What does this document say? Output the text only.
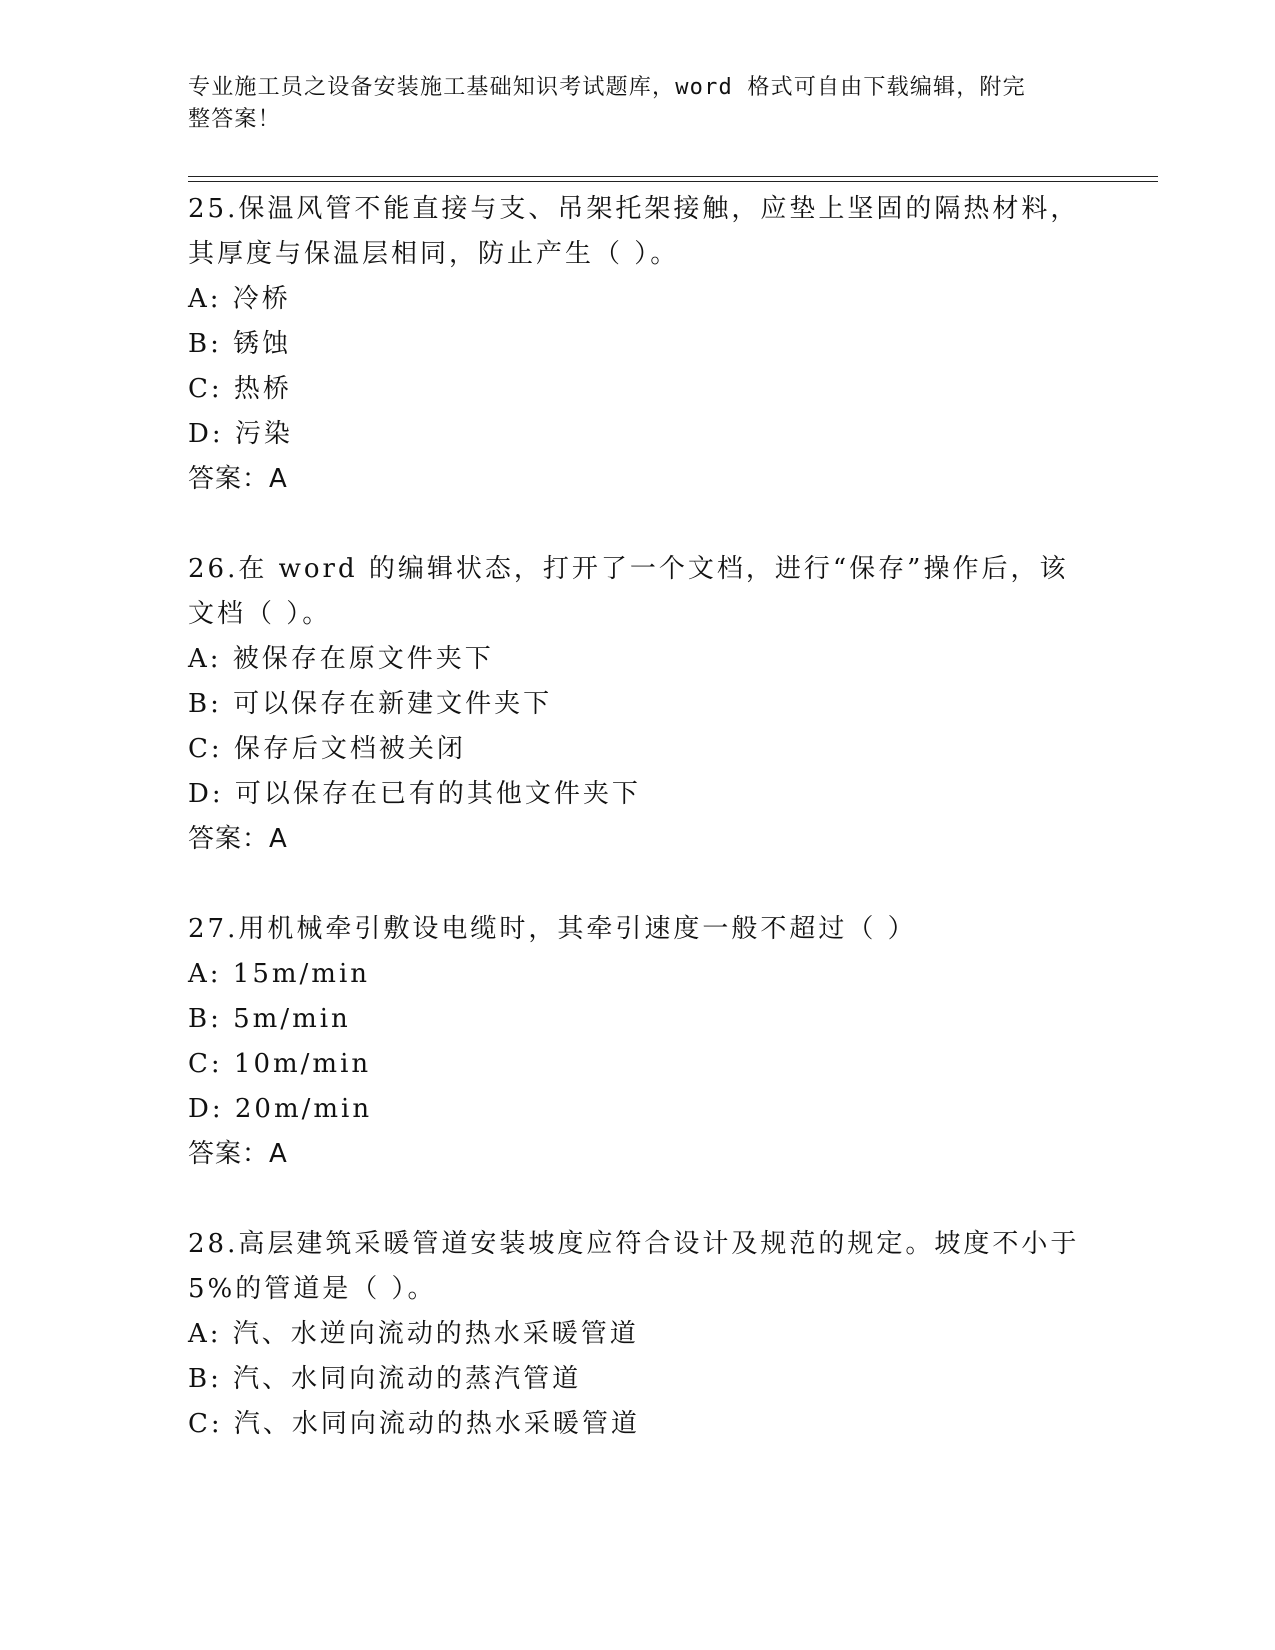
专业施工员之设备安装施工基础知识考试题库，word 格式可自由下载编辑，附完
整答案！
25.保温风管不能直接与支、吊架托架接触，应垫上坚固的隔热材料，
其厚度与保温层相同，防止产生（ ）。
A: 冷桥
B: 锈蚀
C: 热桥
D: 污染
答案：A
26.在 word 的编辑状态，打开了一个文档，进行“保存”操作后，该
文档（ ）。
A: 被保存在原文件夹下
B: 可以保存在新建文件夹下
C: 保存后文档被关闭
D: 可以保存在已有的其他文件夹下
答案：A
27.用机械牵引敷设电缆时，其牵引速度一般不超过（ ）
A: 15m/min
B: 5m/min
C: 10m/min
D: 20m/min
答案：A
28.高层建筑采暖管道安装坡度应符合设计及规范的规定。坡度不小于
5%的管道是（ ）。
A: 汽、水逆向流动的热水采暖管道
B: 汽、水同向流动的蒸汽管道
C: 汽、水同向流动的热水采暖管道
